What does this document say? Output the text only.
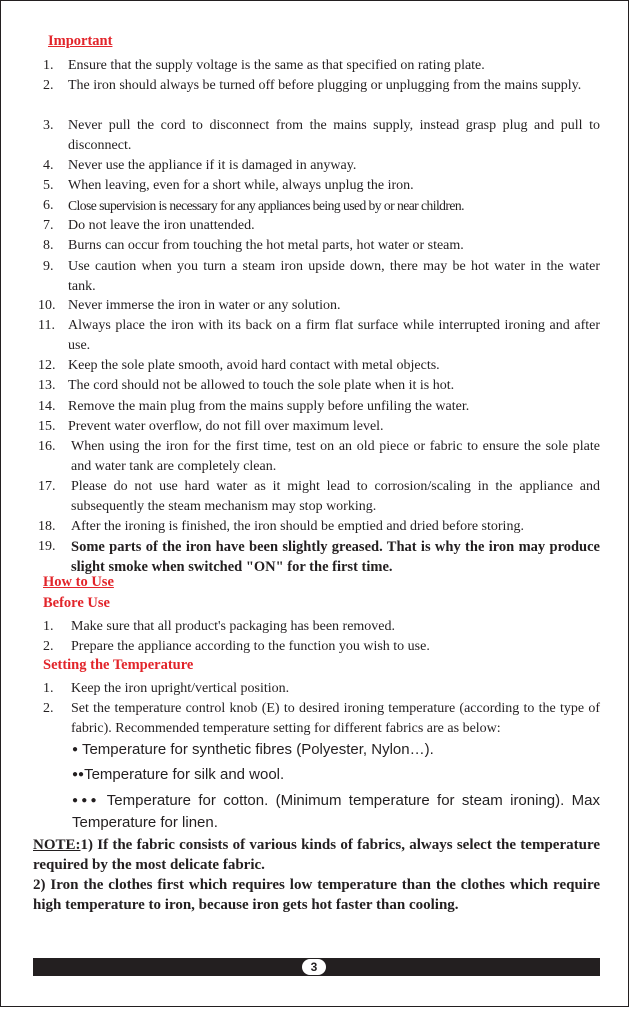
Important
1. Ensure that the supply voltage is the same as that specified on rating plate.
2. The iron should always be turned off before plugging or unplugging from the mains supply.
3. Never pull the cord to disconnect from the mains supply, instead grasp plug and pull to disconnect.
4. Never use the appliance if it is damaged in anyway.
5. When leaving, even for a short while, always unplug the iron.
6. Close supervision is necessary for any appliances being used by or near children.
7. Do not leave the iron unattended.
8. Burns can occur from touching the hot metal parts, hot water or steam.
9. Use caution when you turn a steam iron upside down, there may be hot water in the water tank.
10. Never immerse the iron in water or any solution.
11. Always place the iron with its back on a firm flat surface while interrupted ironing and after use.
12. Keep the sole plate smooth, avoid hard contact with metal objects.
13. The cord should not be allowed to touch the sole plate when it is hot.
14. Remove the main plug from the mains supply before unfiling the water.
15. Prevent water overflow, do not fill over maximum level.
16. When using the iron for the first time, test on an old piece or fabric to ensure the sole plate and water tank are completely clean.
17. Please do not use hard water as it might lead to corrosion/scaling in the appliance and subsequently the steam mechanism may stop working.
18. After the ironing is finished, the iron should be emptied and dried before storing.
19. Some parts of the iron have been slightly greased. That is why the iron may produce slight smoke when switched "ON" for the first time.
How to Use
Before Use
1. Make sure that all product's packaging has been removed.
2. Prepare the appliance according to the function you wish to use.
Setting the Temperature
1. Keep the iron upright/vertical position.
2. Set the temperature control knob (E) to desired ironing temperature (according to the type of fabric). Recommended temperature setting for different fabrics are as below:
● Temperature for synthetic fibres (Polyester, Nylon…).
●●Temperature for silk and wool.
●●● Temperature for cotton. (Minimum temperature for steam ironing). Max Temperature for linen.
NOTE:1) If the fabric consists of various kinds of fabrics, always select the temperature required by the most delicate fabric.
2) Iron the clothes first which requires low temperature than the clothes which require high temperature to iron, because iron gets hot faster than cooling.
3
